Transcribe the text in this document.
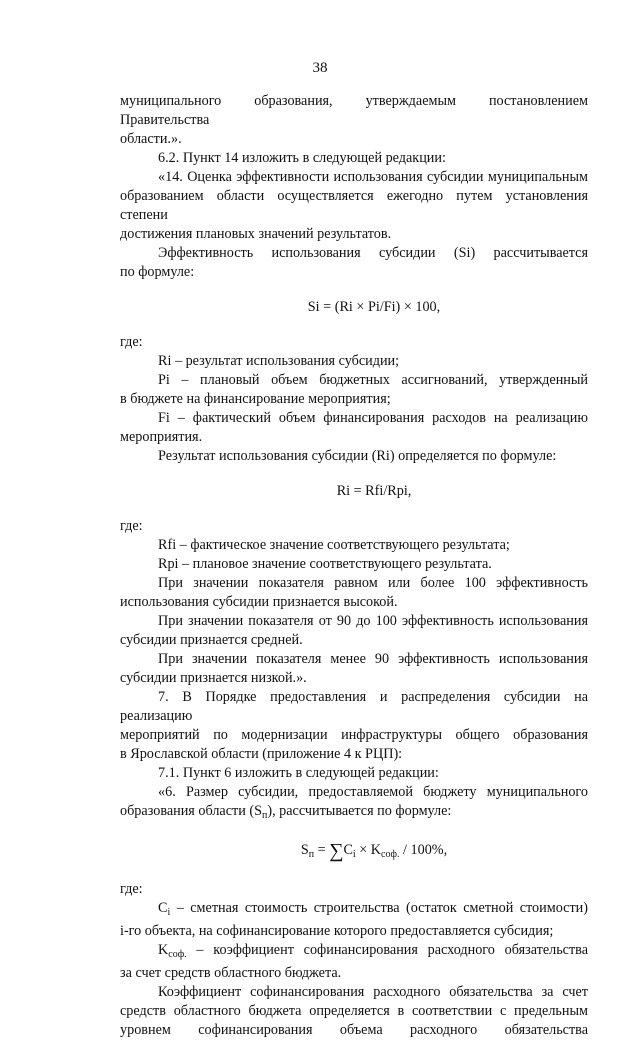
38

муниципального образования, утверждаемым постановлением Правительства

области.».

6.2. Пункт 14 изложить в следующей редакции:

«14. Оценка эффективности использования субсидии муниципальным

образованием области осуществляется ежегодно путем установления степени

достижения плановых значений результатов.

Эффективность использования субсидии (Si) рассчитывается

по формуле:

Si = (Ri × Pi/Fi) × 100,

где:

Ri – результат использования субсидии;

Pi – плановый объем бюджетных ассигнований, утвержденный

в бюджете на финансирование мероприятия;

Fi – фактический объем финансирования расходов на реализацию

мероприятия.

Результат использования субсидии (Ri) определяется по формуле:

Ri = Rfi/Rpi,

где:

Rfi – фактическое значение соответствующего результата;

Rpi – плановое значение соответствующего результата.

При значении показателя равном или более 100 эффективность

использования субсидии признается высокой.

При значении показателя от 90 до 100 эффективность использования

субсидии признается средней.

При значении показателя менее 90 эффективность использования

субсидии признается низкой.».

7. В Порядке предоставления и распределения субсидии на реализацию

мероприятий по модернизации инфраструктуры общего образования

в Ярославской области (приложение 4 к РЦП):

7.1. Пункт 6 изложить в следующей редакции:

«6. Размер субсидии, предоставляемой бюджету муниципального

образования области $(S_п)$, рассчитывается по формуле:

$S_п = \sum C_i \times K_{соф.} / 100\%$,

где:

$C_i$ – сметная стоимость строительства (остаток сметной стоимости)

i-го объекта, на софинансирование которого предоставляется субсидия;

$K_{соф.}$ – коэффициент софинансирования расходного обязательства

за счет средств областного бюджета.

Коэффициент софинансирования расходного обязательства за счет

средств областного бюджета определяется в соответствии с предельным

уровнем софинансирования объема расходного обязательства
